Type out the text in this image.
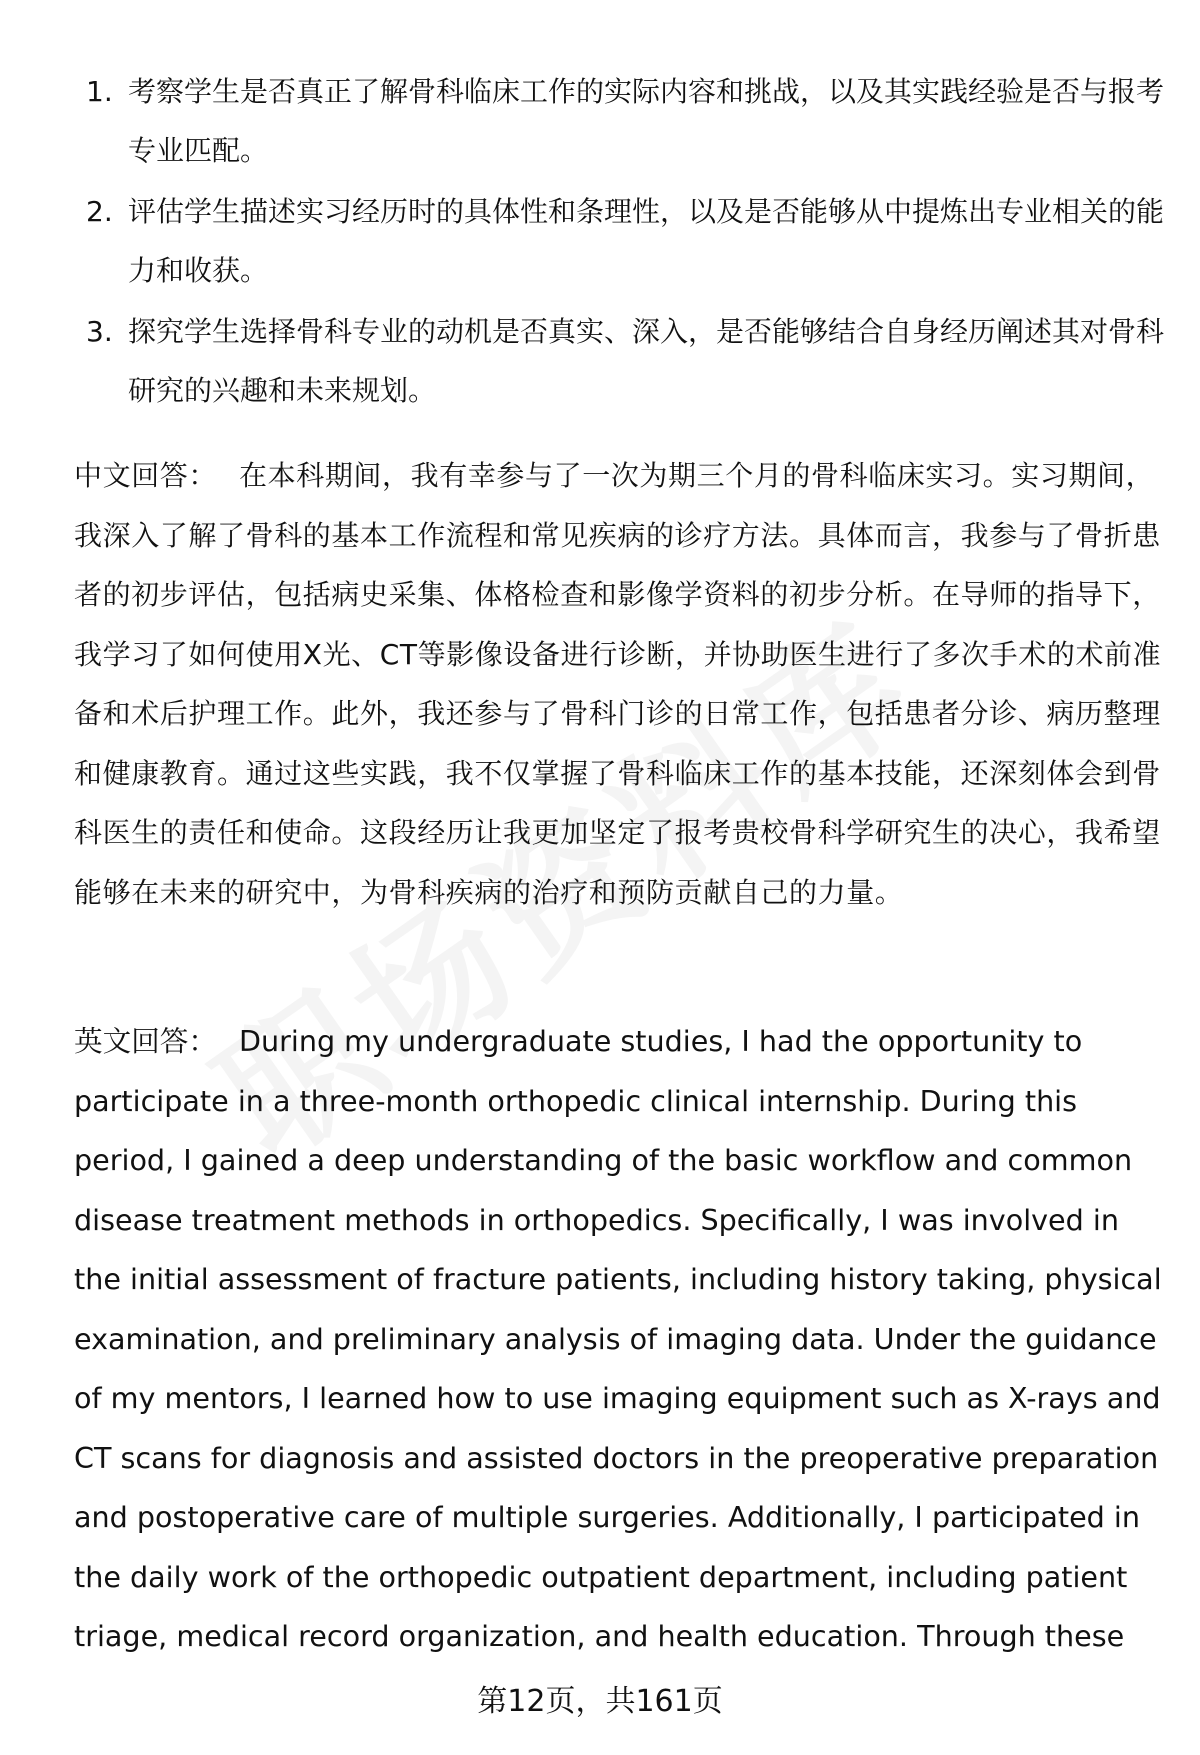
1. 考察学生是否真正了解骨科临床工作的实际内容和挑战，以及其实践经验是否与报考专业匹配。
2. 评估学生描述实习经历时的具体性和条理性，以及是否能够从中提炼出专业相关的能力和收获。
3. 探究学生选择骨科专业的动机是否真实、深入，是否能够结合自身经历阐述其对骨科研究的兴趣和未来规划。

中文回答： 在本科期间，我有幸参与了一次为期三个月的骨科临床实习。实习期间，我深入了解了骨科的基本工作流程和常见疾病的诊疗方法。具体而言，我参与了骨折患者的初步评估，包括病史采集、体格检查和影像学资料的初步分析。在导师的指导下，我学习了如何使用X光、CT等影像设备进行诊断，并协助医生进行了多次手术的术前准备和术后护理工作。此外，我还参与了骨科门诊的日常工作，包括患者分诊、病历整理和健康教育。通过这些实践，我不仅掌握了骨科临床工作的基本技能，还深刻体会到骨科医生的责任和使命。这段经历让我更加坚定了报考贵校骨科学研究生的决心，我希望能够在未来的研究中，为骨科疾病的治疗和预防贡献自己的力量。

英文回答： During my undergraduate studies, I had the opportunity to participate in a three-month orthopedic clinical internship. During this period, I gained a deep understanding of the basic workflow and common disease treatment methods in orthopedics. Specifically, I was involved in the initial assessment of fracture patients, including history taking, physical examination, and preliminary analysis of imaging data. Under the guidance of my mentors, I learned how to use imaging equipment such as X-rays and CT scans for diagnosis and assisted doctors in the preoperative preparation and postoperative care of multiple surgeries. Additionally, I participated in the daily work of the orthopedic outpatient department, including patient triage, medical record organization, and health education. Through these

第12页，共161页
